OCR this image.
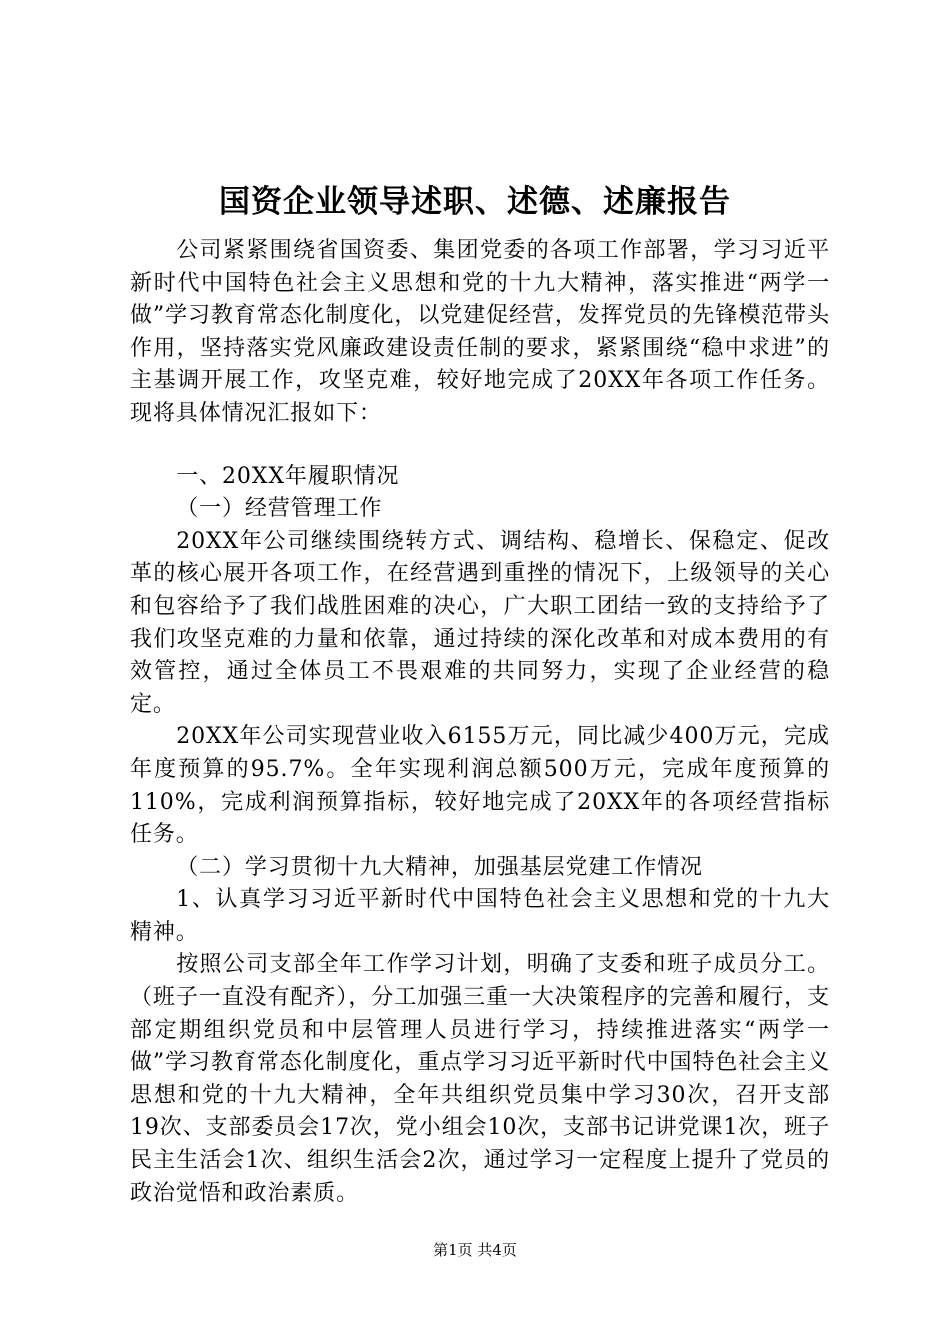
国资企业领导述职、述德、述廉报告

公司紧紧围绕省国资委、集团党委的各项工作部署，学习习近平新时代中国特色社会主义思想和党的十九大精神，落实推进“两学一做”学习教育常态化制度化，以党建促经营，发挥党员的先锋模范带头作用，坚持落实党风廉政建设责任制的要求，紧紧围绕“稳中求进”的主基调开展工作，攻坚克难，较好地完成了20XX年各项工作任务。现将具体情况汇报如下：

一、20XX年履职情况

（一）经营管理工作

20XX年公司继续围绕转方式、调结构、稳增长、保稳定、促改革的核心展开各项工作，在经营遇到重挫的情况下，上级领导的关心和包容给予了我们战胜困难的决心，广大职工团结一致的支持给予了我们攻坚克难的力量和依靠，通过持续的深化改革和对成本费用的有效管控，通过全体员工不畏艰难的共同努力，实现了企业经营的稳定。

20XX年公司实现营业收入6155万元，同比减少400万元，完成年度预算的95.7%。全年实现利润总额500万元，完成年度预算的110%，完成利润预算指标，较好地完成了20XX年的各项经营指标任务。

（二）学习贯彻十九大精神，加强基层党建工作情况

1、认真学习习近平新时代中国特色社会主义思想和党的十九大精神。

按照公司支部全年工作学习计划，明确了支委和班子成员分工。（班子一直没有配齐），分工加强三重一大决策程序的完善和履行，支部定期组织党员和中层管理人员进行学习，持续推进落实“两学一做”学习教育常态化制度化，重点学习习近平新时代中国特色社会主义思想和党的十九大精神，全年共组织党员集中学习30次，召开支部19次、支部委员会17次，党小组会10次，支部书记讲党课1次，班子民主生活会1次、组织生活会2次，通过学习一定程度上提升了党员的政治觉悟和政治素质。

第1页 共4页
